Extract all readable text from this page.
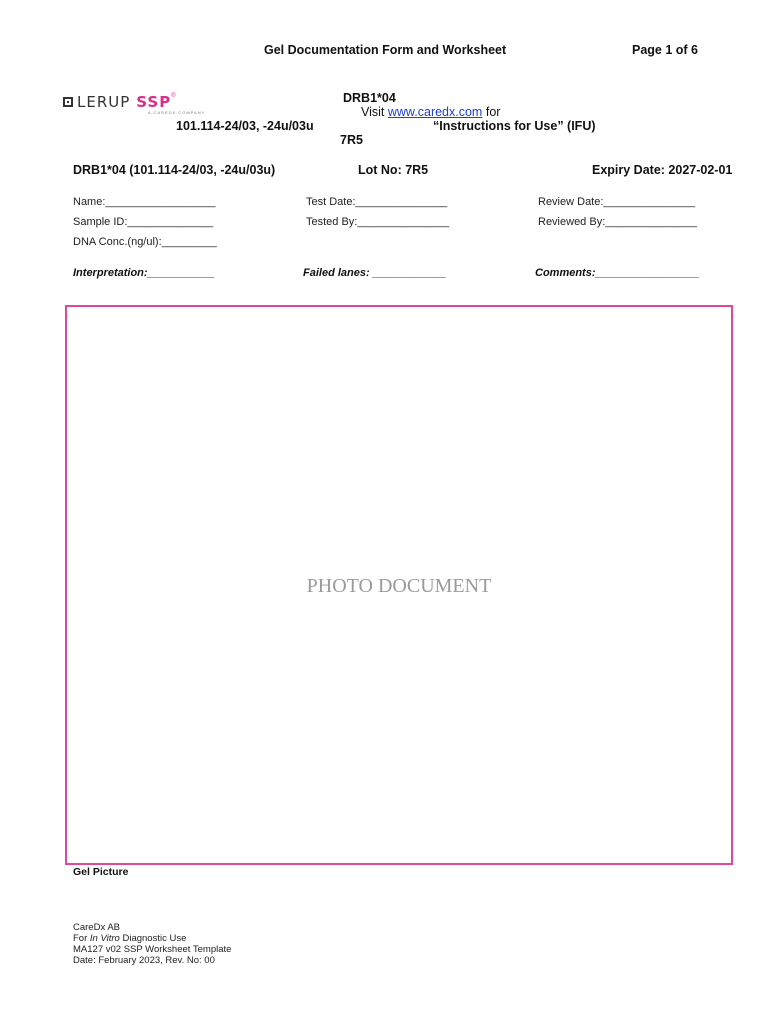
Gel Documentation Form and Worksheet	Page 1 of 6
LERUP SSP ®
A CAREDX COMPANY
DRB1*04
Visit www.caredx.com for
101.114-24/03, -24u/03u	“Instructions for Use” (IFU)
7R5
DRB1*04 (101.114-24/03, -24u/03u)	Lot No: 7R5	Expiry Date: 2027-02-01
Name:__________________	Test Date:_______________	Review Date:_______________
Sample ID:______________	Tested By:_______________	Reviewed By:_______________
DNA Conc.(ng/ul):_________
Interpretation:___________	Failed lanes: ____________	Comments:_________________
PHOTO DOCUMENT
Gel Picture
CareDx AB
For In Vitro Diagnostic Use
MA127 v02 SSP Worksheet Template
Date: February 2023, Rev. No: 00
